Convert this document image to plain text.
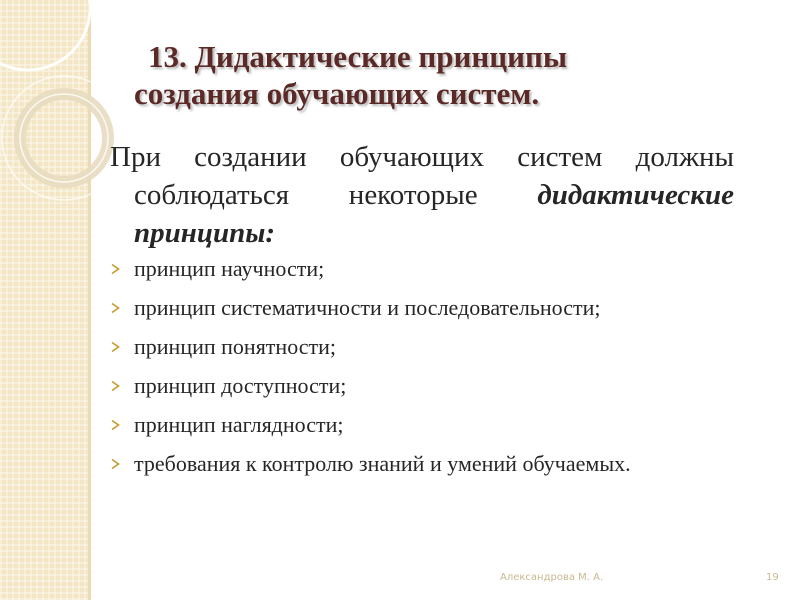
13. Дидактические принципы
создания обучающих систем.

При создании обучающих систем должны соблюдаться некоторые дидактические принципы:

принцип научности;
принцип систематичности и последовательности;
принцип понятности;
принцип доступности;
принцип наглядности;
требования к контролю знаний и умений обучаемых.
Александрова М. А.	19
